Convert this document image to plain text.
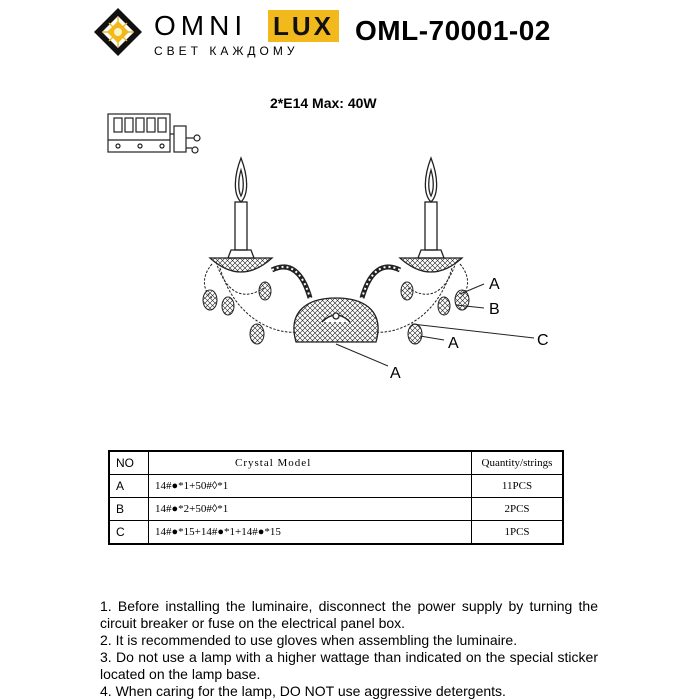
OMNI LUX
СВЕТ КАЖДОМУ
OML-70001-02
2*E14 Max: 40W
A
B
C
A
A
NO	Crystal Model	Quantity/strings
A	14#●*1+50#◊*1	11PCS
B	14#●*2+50#◊*1	2PCS
C	14#●*15+14#●*1+14#●*15	1PCS

1. Before installing the luminaire, disconnect the power supply by turning the circuit breaker or fuse on the electrical panel box.

2. It is recommended to use gloves when assembling the luminaire.

3. Do not use a lamp with a higher wattage than indicated on the special sticker located on the lamp base.

4. When caring for the lamp, DO NOT use aggressive detergents.
